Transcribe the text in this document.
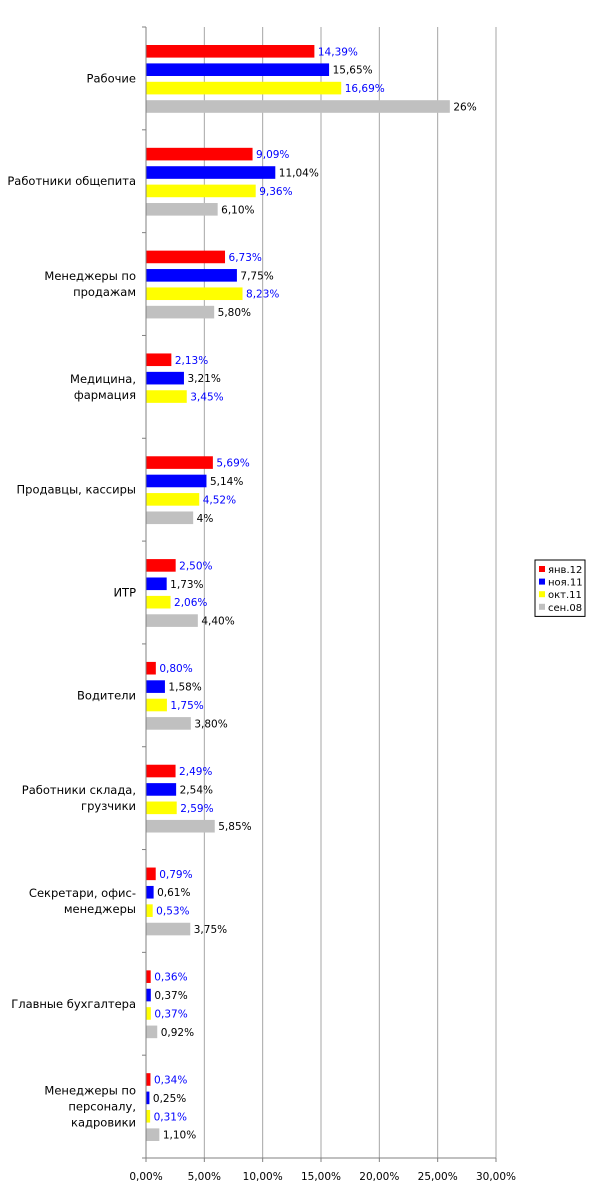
0,00% 5,00% 10,00% 15,00% 20,00% 25,00% 30,00%
Рабочие
14,39%
15,65%
16,69%
26%
Работники общепита
9,09%
11,04%
9,36%
6,10%
Менеджеры по продажам
6,73%
7,75%
8,23%
5,80%
Медицина, фармация
2,13%
3,21%
3,45%
Продавцы, кассиры
5,69%
5,14%
4,52%
4%
ИТР
2,50%
1,73%
2,06%
4,40%
Водители
0,80%
1,58%
1,75%
3,80%
Работники склада, грузчики
2,49%
2,54%
2,59%
5,85%
Секретари, офис-менеджеры
0,79%
0,61%
0,53%
3,75%
Главные бухгалтера
0,36%
0,37%
0,37%
0,92%
Менеджеры по персоналу, кадровики
0,34%
0,25%
0,31%
1,10%
янв.12
ноя.11
окт.11
сен.08
